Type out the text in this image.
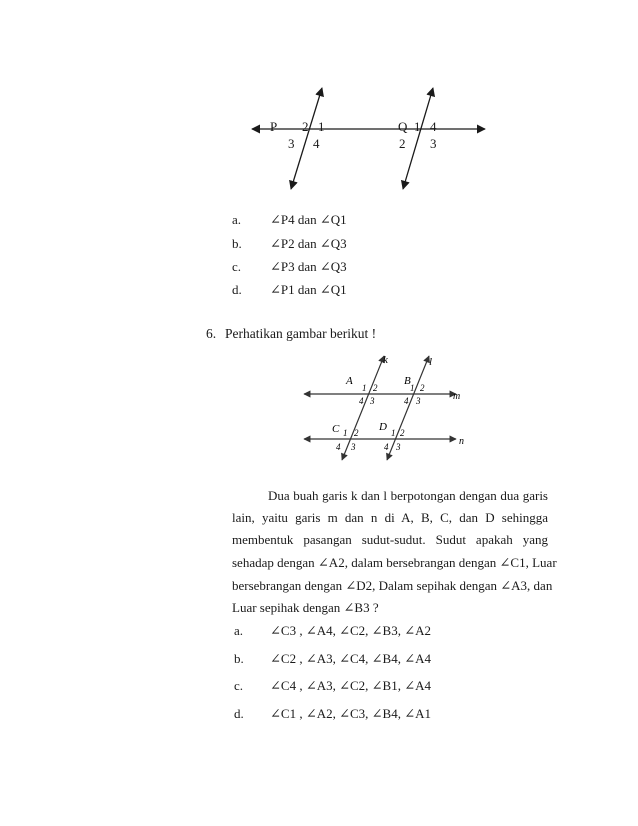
P 2 1
3 4
Q 1 4
2 3
a. ∠P4 dan ∠Q1
b. ∠P2 dan ∠Q3
c. ∠P3 dan ∠Q3
d. ∠P1 dan ∠Q1
6. Perhatikan gambar berikut !
k	l
m
n
A	B
C	D
1 2
4 3
1 2
4 3
1 2
4 3
1 2
4 3
Dua buah garis k dan l berpotongan dengan dua garis
lain, yaitu garis m dan n di A, B, C, dan D sehingga
membentuk pasangan sudut-sudut. Sudut apakah yang
sehadap dengan ∠A2, dalam bersebrangan dengan ∠C1, Luar
bersebrangan dengan ∠D2, Dalam sepihak dengan ∠A3, dan
Luar sepihak dengan ∠B3 ?
a. ∠C3 , ∠A4, ∠C2, ∠B3, ∠A2
b. ∠C2 , ∠A3, ∠C4, ∠B4, ∠A4
c. ∠C4 , ∠A3, ∠C2, ∠B1, ∠A4
d. ∠C1 , ∠A2, ∠C3, ∠B4, ∠A1
